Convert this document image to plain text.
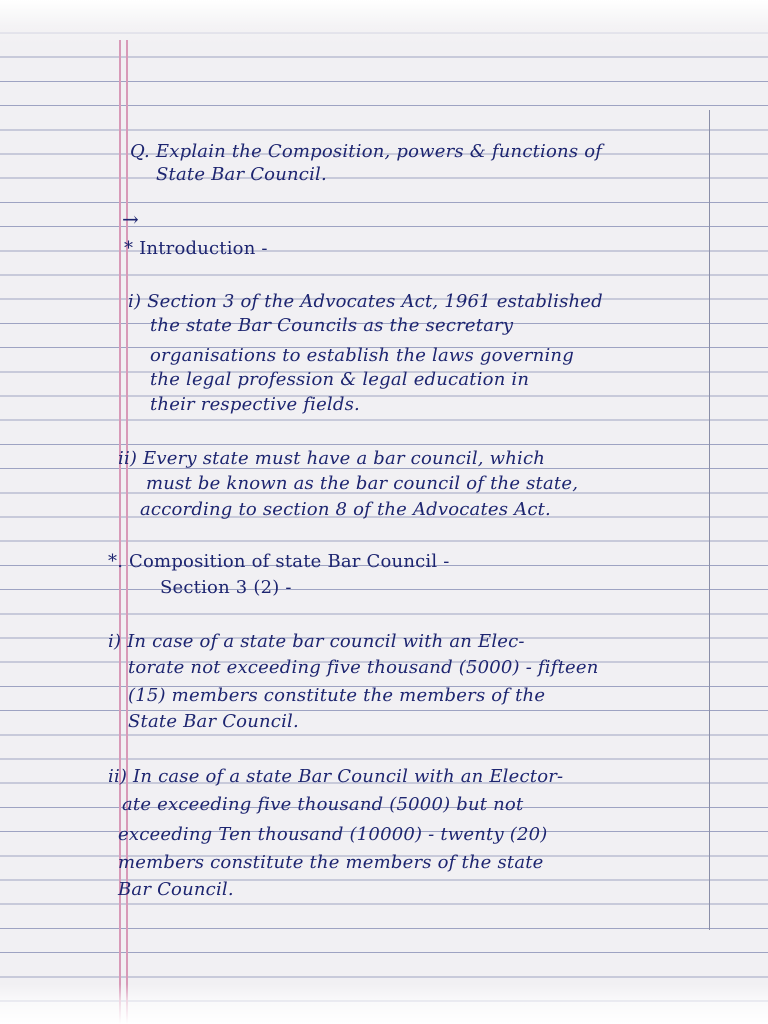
Q. Explain the Composition, powers & functions of

State Bar Council.

→

* Introduction -

i) Section 3 of the Advocates Act, 1961 established

the state Bar Councils as the secretary

organisations to establish the laws governing

the legal profession & legal education in

their respective fields.

ii) Every state must have a bar council, which

must be known as the bar council of the state,

according to section 8 of the Advocates Act.

*. Composition of state Bar Council -

Section 3 (2) -

i) In case of a state bar council with an Elec-

torate not exceeding five thousand (5000) - fifteen

(15) members constitute the members of the

State Bar Council.

ii) In case of a state Bar Council with an Elector-

ate exceeding five thousand (5000) but not

exceeding Ten thousand (10000) - twenty (20)

members constitute the members of the state

Bar Council.
